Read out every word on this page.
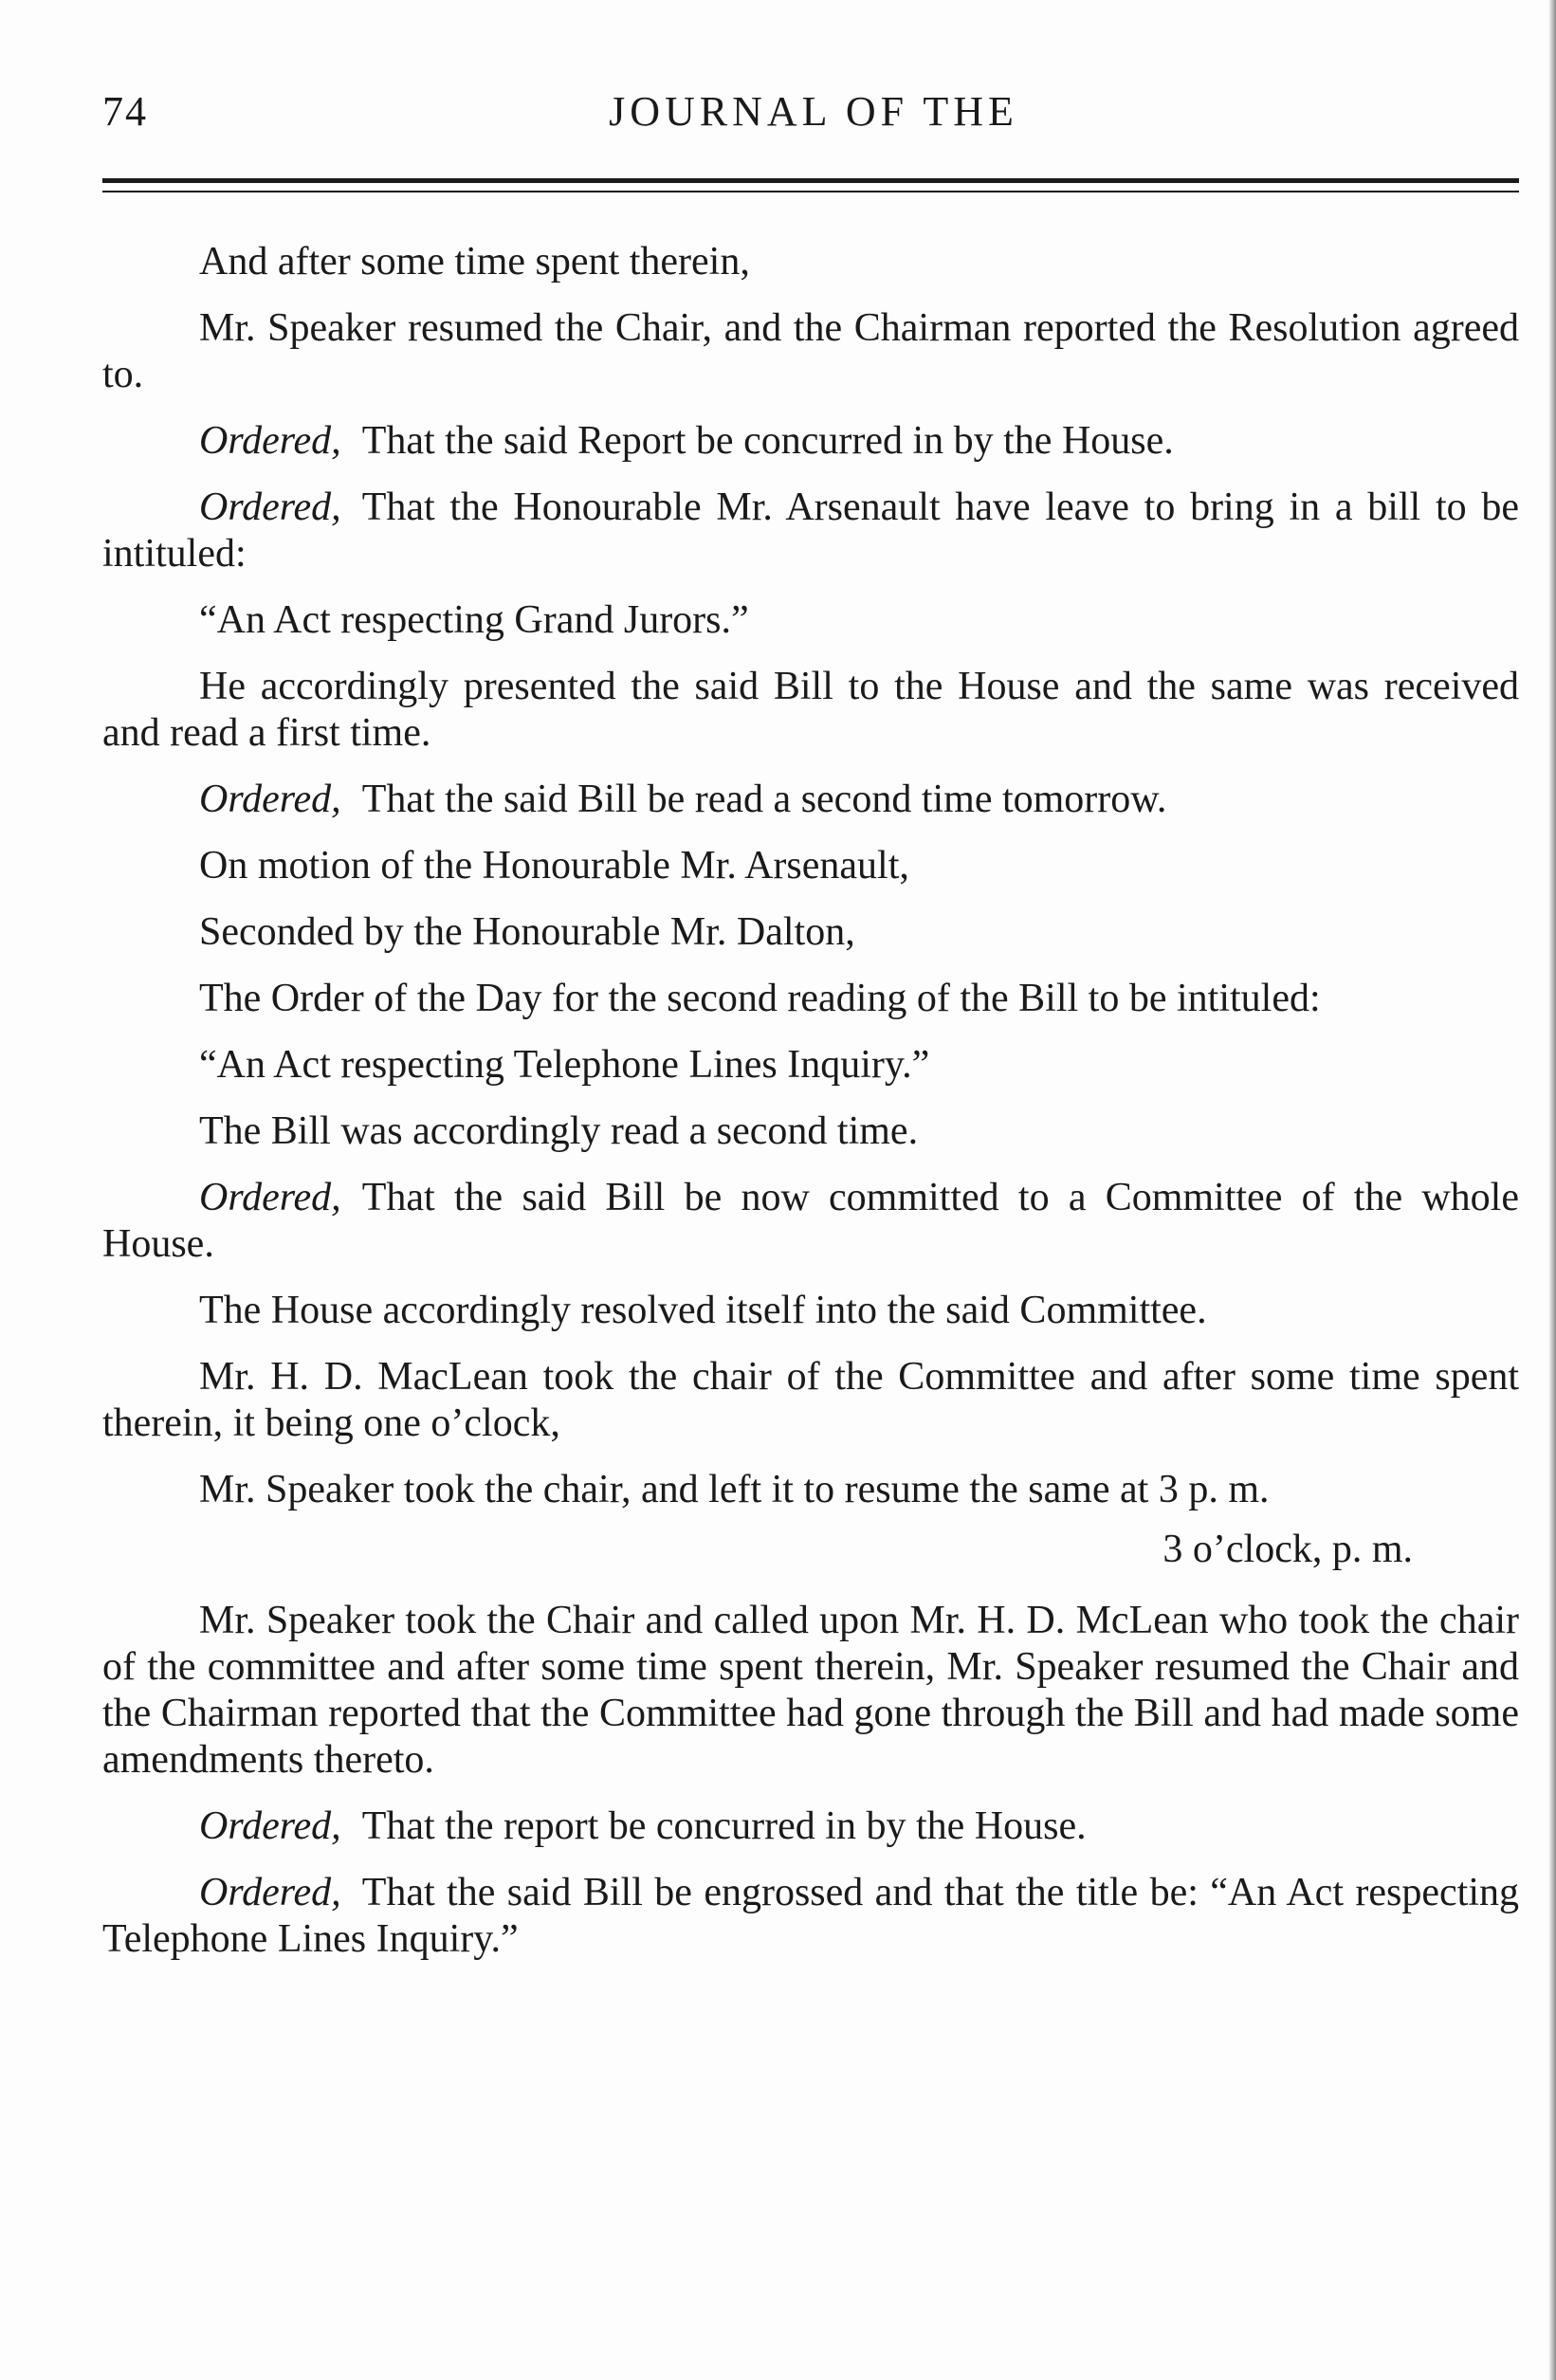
JOURNAL OF THE
74

And after some time spent therein,

Mr. Speaker resumed the Chair, and the Chairman reported the Resolution agreed to.

Ordered, That the said Report be concurred in by the House.

Ordered, That the Honourable Mr. Arsenault have leave to bring in a bill to be intituled:

“An Act respecting Grand Jurors.”

He accordingly presented the said Bill to the House and the same was received and read a first time.

Ordered, That the said Bill be read a second time tomorrow.

On motion of the Honourable Mr. Arsenault,

Seconded by the Honourable Mr. Dalton,

The Order of the Day for the second reading of the Bill to be intituled:

“An Act respecting Telephone Lines Inquiry.”

The Bill was accordingly read a second time.

Ordered, That the said Bill be now committed to a Committee of the whole House.

The House accordingly resolved itself into the said Committee.

Mr. H. D. MacLean took the chair of the Committee and after some time spent therein, it being one o’clock,

Mr. Speaker took the chair, and left it to resume the same at 3 p. m.

3 o’clock, p. m.

Mr. Speaker took the Chair and called upon Mr. H. D. McLean who took the chair of the committee and after some time spent therein, Mr. Speaker resumed the Chair and the Chairman reported that the Committee had gone through the Bill and had made some amendments thereto.

Ordered, That the report be concurred in by the House.

Ordered, That the said Bill be engrossed and that the title be: “An Act respecting Telephone Lines Inquiry.”
